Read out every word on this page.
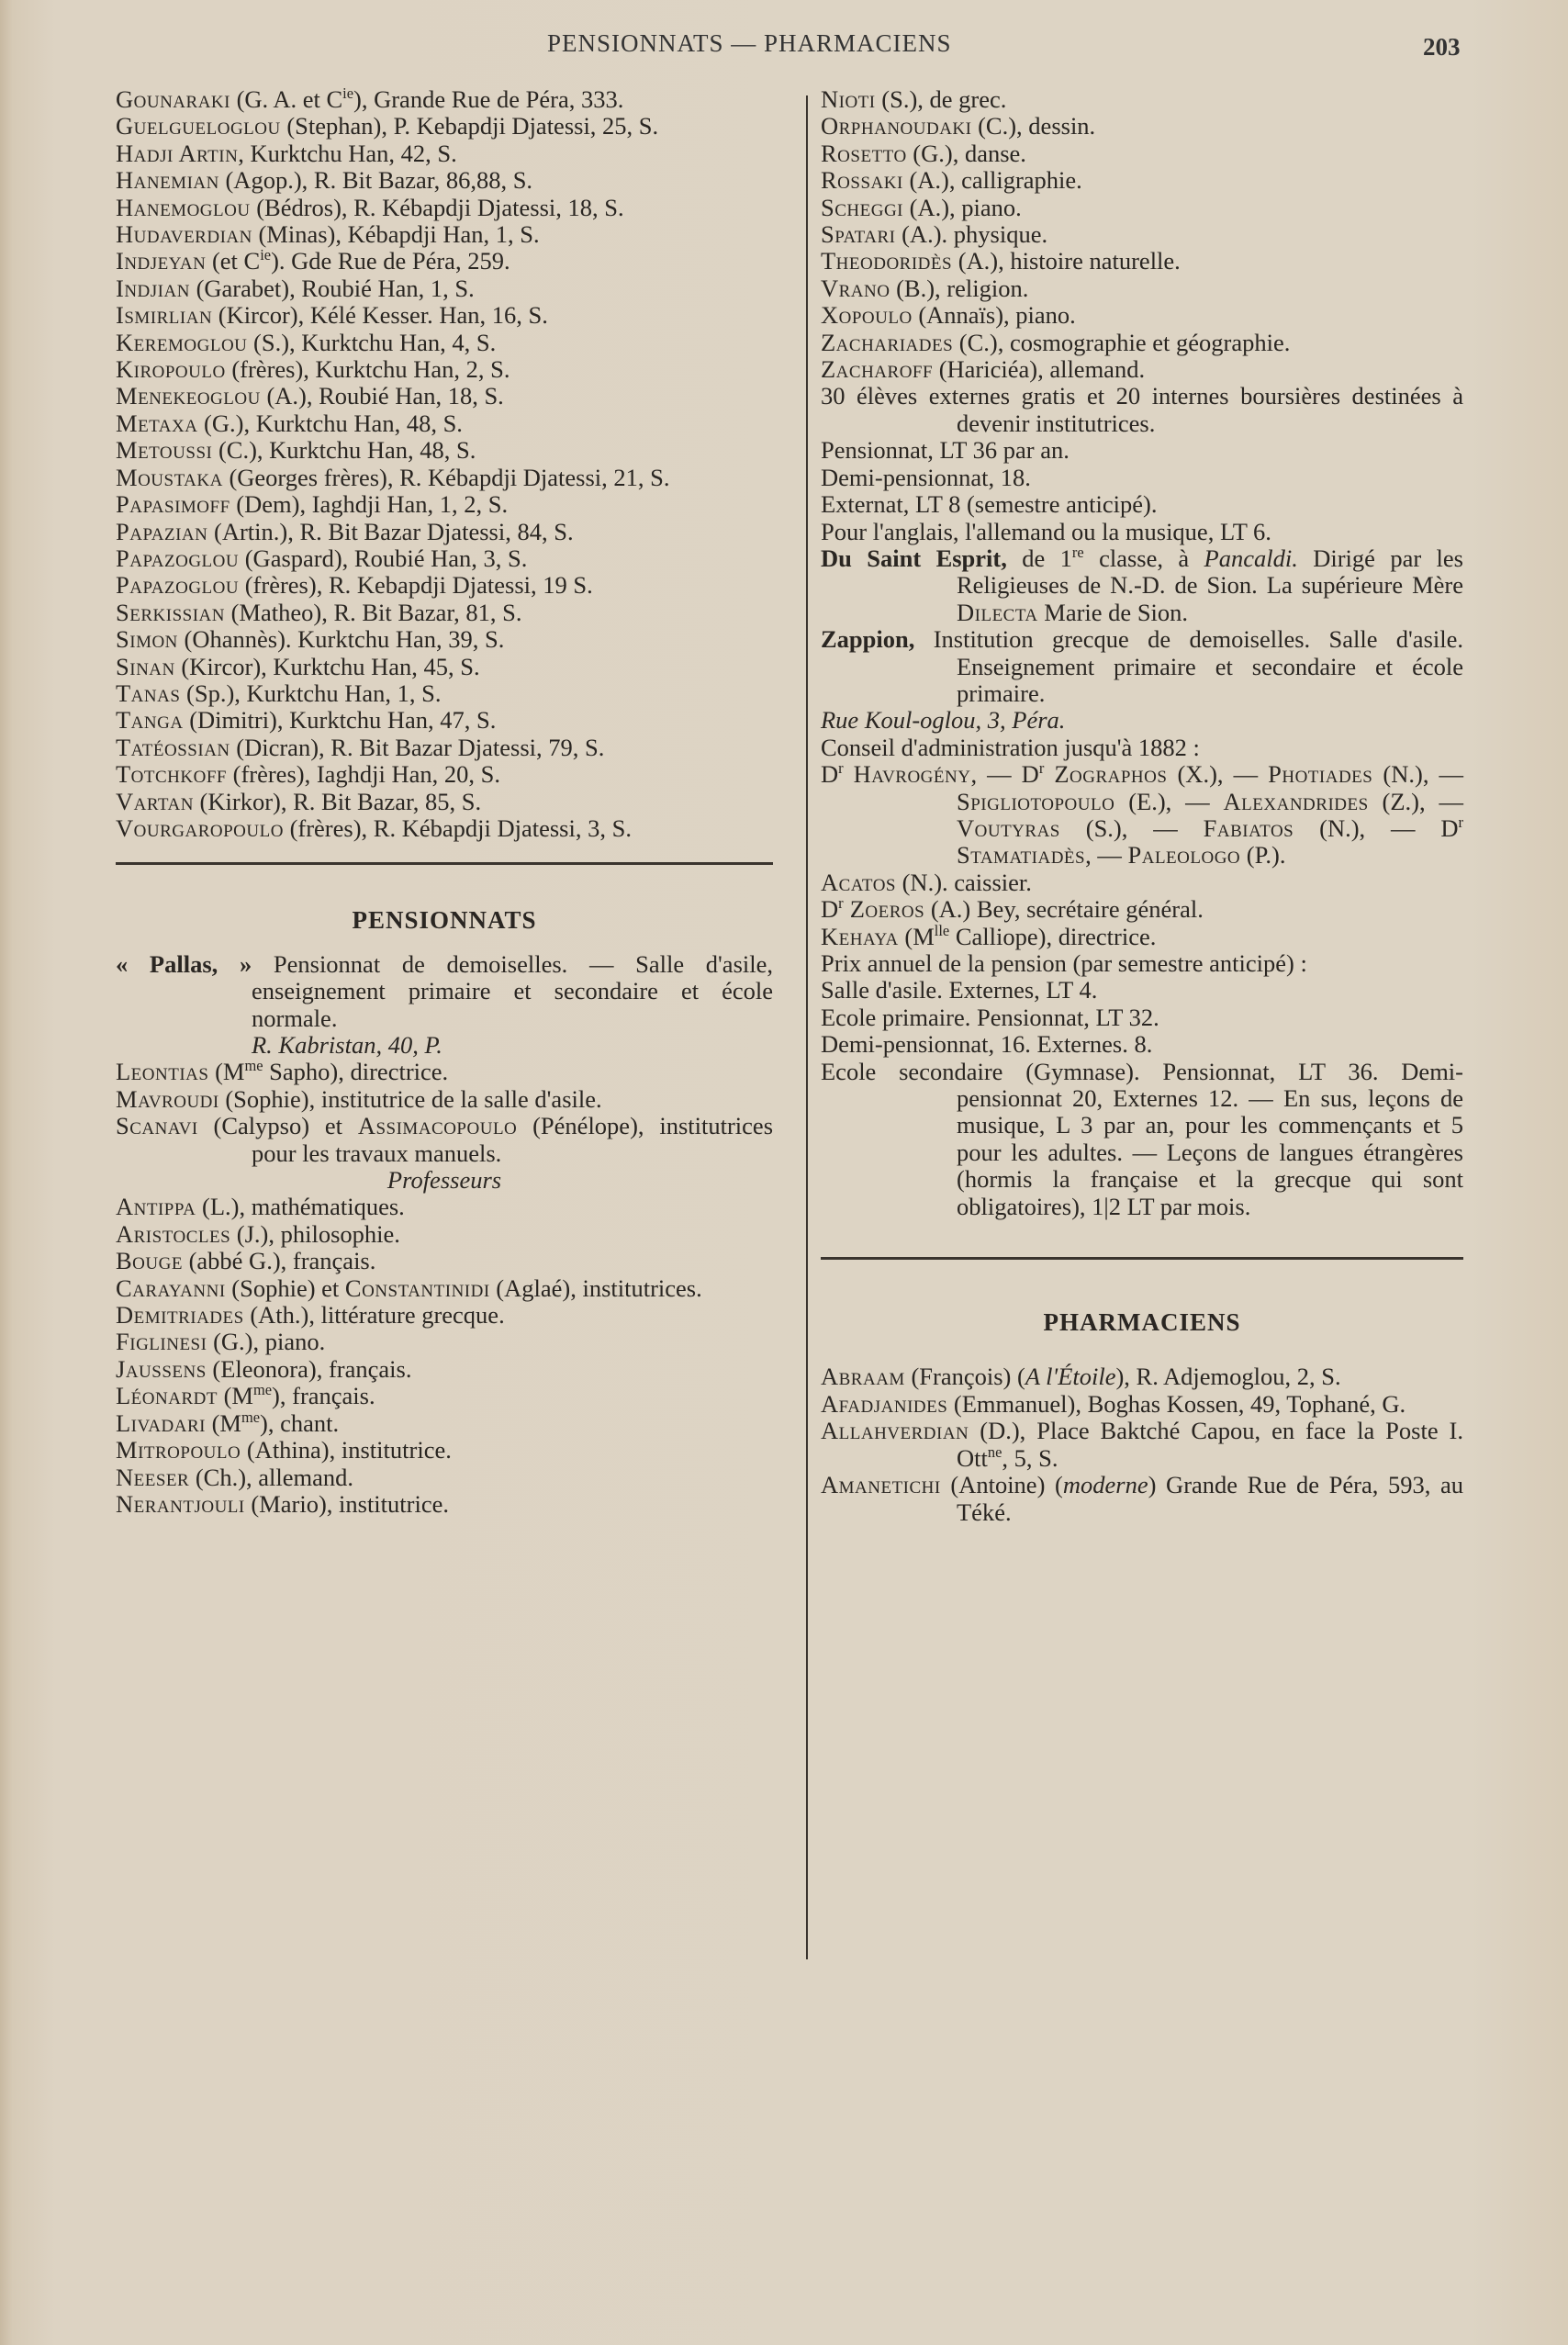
PENSIONNATS — PHARMACIENS	203

Gounaraki (G. A. et $C^{ie}$), Grande Rue de Péra, 333.

Guelgueloglou (Stephan), P. Kebapdji Djatessi, 25, S.

Hadji Artin, Kurktchu Han, 42, S.

Hanemian (Agop.), R. Bit Bazar, 86,88, S.

Hanemoglou (Bédros), R. Kébapdji Djatessi, 18, S.

Hudaverdian (Minas), Kébapdji Han, 1, S.

Indjeyan (et $C^{ie}$). Gde Rue de Péra, 259.

Indjian (Garabet), Roubié Han, 1, S.

Ismirlian (Kircor), Kélé Kesser. Han, 16, S.

Keremoglou (S.), Kurktchu Han, 4, S.

Kiropoulo (frères), Kurktchu Han, 2, S.

Menekeoglou (A.), Roubié Han, 18, S.

Metaxa (G.), Kurktchu Han, 48, S.

Metoussi (C.), Kurktchu Han, 48, S.

Moustaka (Georges frères), R. Kébapdji Djatessi, 21, S.

Papasimoff (Dem), Iaghdji Han, 1, 2, S.

Papazian (Artin.), R. Bit Bazar Djatessi, 84, S.

Papazoglou (Gaspard), Roubié Han, 3, S.

Papazoglou (frères), R. Kebapdji Djatessi, 19 S.

Serkissian (Matheo), R. Bit Bazar, 81, S.

Simon (Ohannès). Kurktchu Han, 39, S.

Sinan (Kircor), Kurktchu Han, 45, S.

Tanas (Sp.), Kurktchu Han, 1, S.

Tanga (Dimitri), Kurktchu Han, 47, S.

Tatéossian (Dicran), R. Bit Bazar Djatessi, 79, S.

Totchkoff (frères), Iaghdji Han, 20, S.

Vartan (Kirkor), R. Bit Bazar, 85, S.

Vourgaropoulo (frères), R. Kébapdji Djatessi, 3, S.

PENSIONNATS

« Pallas, » Pensionnat de demoiselles. — Salle d'asile, enseignement primaire et secondaire et école normale.

R. Kabristan, 40, P.

Leontias ($M^{me}$ Sapho), directrice.

Mavroudi (Sophie), institutrice de la salle d'asile.

Scanavi (Calypso) et Assimacopoulo (Pénélope), institutrices pour les travaux manuels.

Professeurs

Antippa (L.), mathématiques.

Aristocles (J.), philosophie.

Bouge (abbé G.), français.

Carayanni (Sophie) et Constantinidi (Aglaé), institutrices.

Demitriades (Ath.), littérature grecque.

Figlinesi (G.), piano.

Jaussens (Eleonora), français.

Léonardt $(M^{me})$, français.

Livadari $(M^{me})$, chant.

Mitropoulo (Athina), institutrice.

Neeser (Ch.), allemand.

Nerantjouli (Mario), institutrice.

Nioti (S.), de grec.

Orphanoudaki (C.), dessin.

Rosetto (G.), danse.

Rossaki (A.), calligraphie.

Scheggi (A.), piano.

Spatari (A.). physique.

Theodoridès (A.), histoire naturelle.

Vrano (B.), religion.

Xopoulo (Annaïs), piano.

Zachariades (C.), cosmographie et géographie.

Zacharoff (Hariciéa), allemand.

30 élèves externes gratis et 20 internes boursières destinées à devenir institutrices.

Pensionnat, LT 36 par an.

Demi-pensionnat, 18.

Externat, LT 8 (semestre anticipé).

Pour l'anglais, l'allemand ou la musique, LT 6.

Du Saint Esprit, de 1re classe, à Pancaldi. Dirigé par les Religieuses de N.-D. de Sion. La supérieure Mère Dilecta Marie de Sion.

Zappion, Institution grecque de demoiselles. Salle d'asile. Enseignement primaire et secondaire et école primaire.

Rue Koul-oglou, 3, Péra.

Conseil d'administration jusqu'à 1882 :

$D^r$ Havrogény, — $D^r$ Zographos (X.), — Photiades (N.), — Spigliotopoulo (E.), — Alexandrides (Z.), — Voutyras (S.), — Fabiatos (N.), — $D^r$ Stamatiadès, — Paleologo (P.).

Acatos (N.). caissier.

$D^r$ Zoeros (A.) Bey, secrétaire général.

Kehaya ($M^{lle}$ Calliope), directrice.

Prix annuel de la pension (par semestre anticipé) :

Salle d'asile. Externes, LT 4.

Ecole primaire. Pensionnat, LT 32.

Demi-pensionnat, 16. Externes. 8.

Ecole secondaire (Gymnase). Pensionnat, LT 36. Demi-pensionnat 20, Externes 12. — En sus, leçons de musique, L 3 par an, pour les commençants et 5 pour les adultes. — Leçons de langues étrangères (hormis la française et la grecque qui sont obligatoires), 1|2 LT par mois.

PHARMACIENS

Abraam (François) (A l'Étoile), R. Adjemoglou, 2, S.

Afadjanides (Emmanuel), Boghas Kossen, 49, Tophané, G.

Allahverdian (D.), Place Baktché Capou, en face la Poste I. Ott$^{ne}$, 5, S.

Amanetichi (Antoine) (moderne) Grande Rue de Péra, 593, au Téké.
